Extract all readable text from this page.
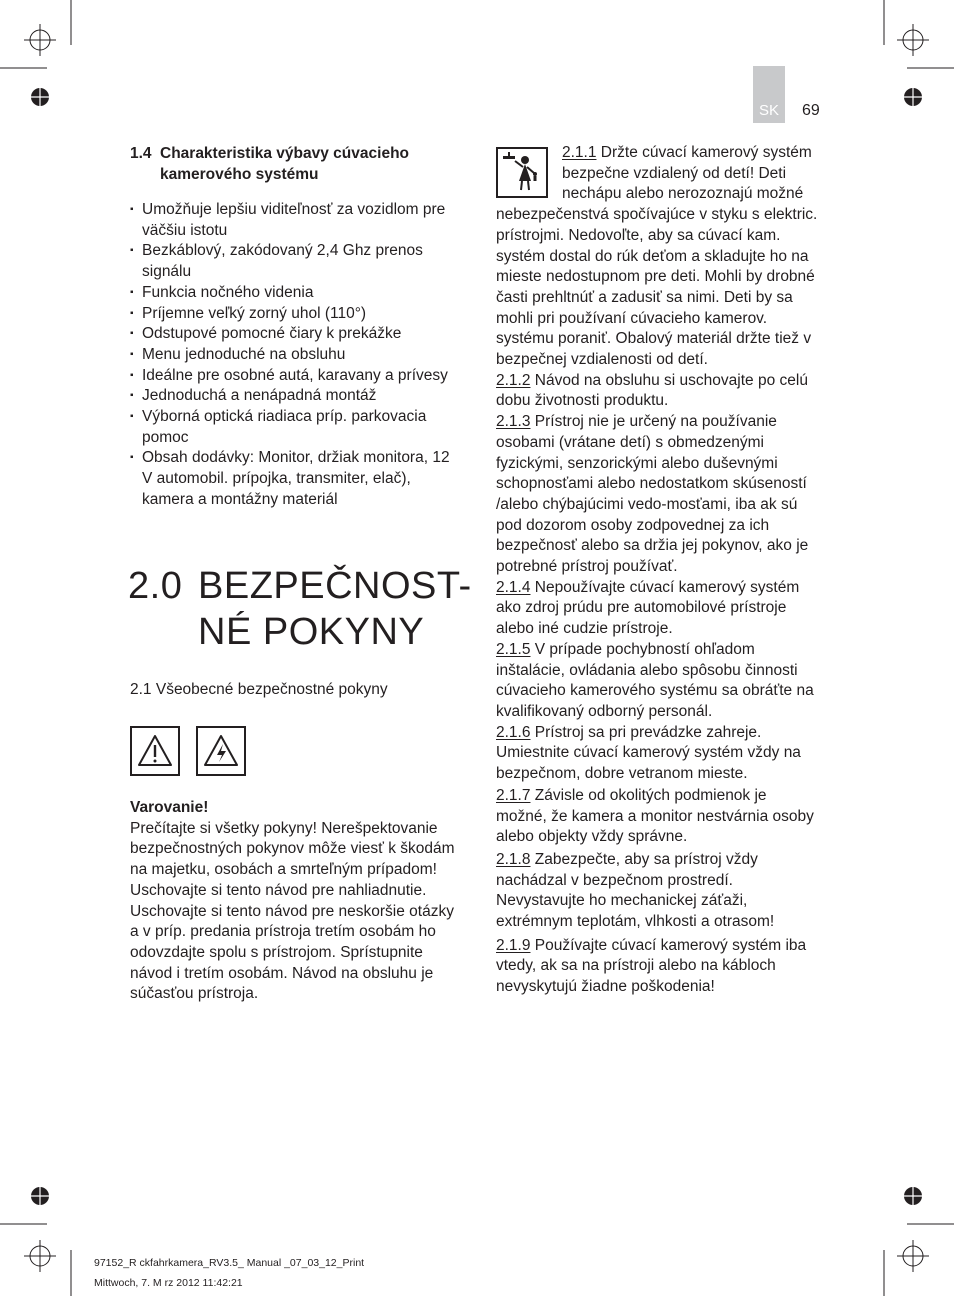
SK	69
1.4 Charakteristika výbavy cúvacieho
kamerového systému
▪ Umožňuje lepšiu viditeľnosť za vozidlom pre väčšiu istotu
▪ Bezkáblový, zakódovaný 2,4 Ghz prenos signálu
▪ Funkcia nočného videnia
▪ Príjemne veľký zorný uhol (110°)
▪ Odstupové pomocné čiary k prekážke
▪ Menu jednoduché na obsluhu
▪ Ideálne pre osobné autá, karavany a prívesy
▪ Jednoduchá a nenápadná montáž
▪ Výborná optická riadiaca príp. parkovacia pomoc
▪ Obsah dodávky: Monitor, držiak monitora, 12 V automobil. prípojka, transmiter, elač), kamera a montážny materiál
2.0 BEZPEČNOST-
NÉ POKYNY
2.1 Všeobecné bezpečnostné pokyny
Varovanie!
Prečítajte si všetky pokyny! Nerešpektovanie bezpečnostných pokynov môže viesť k škodám na majetku, osobách a smrteľným prípadom! Uschovajte si tento návod pre nahliadnutie. Uschovajte si tento návod pre neskoršie otázky a v príp. predania prístroja tretím osobám ho odovzdajte spolu s prístrojom. Sprístupnite návod i tretím osobám. Návod na obsluhu je súčasťou prístroja.

2.1.1 Držte cúvací kamerový systém bezpečne vzdialený od detí! Deti nechápu alebo nerozoznajú možné nebezpečenstvá spočívajúce v styku s elektric. prístrojmi. Nedovoľte, aby sa cúvací kam. systém dostal do rúk deťom a skladujte ho na mieste nedostupnom pre deti. Mohli by drobné časti prehltnúť a zadusiť sa nimi. Deti by sa mohli pri používaní cúvacieho kamerov. systému poraniť. Obalový materiál držte tiež v bezpečnej vzdialenosti od detí.

2.1.2 Návod na obsluhu si uschovajte po celú dobu životnosti produktu.

2.1.3 Prístroj nie je určený na používanie osobami (vrátane detí) s obmedzenými fyzickými, senzorickými alebo duševnými schopnosťami alebo nedostatkom skúseností /alebo chýbajúcimi vedo-mosťami, iba ak sú pod dozorom osoby zodpovednej za ich bezpečnosť alebo sa držia jej pokynov, ako je potrebné prístroj používať.

2.1.4 Nepoužívajte cúvací kamerový systém ako zdroj prúdu pre automobilové prístroje alebo iné cudzie prístroje.

2.1.5 V prípade pochybností ohľadom inštalácie, ovládania alebo spôsobu činnosti cúvacieho kamerového systému sa obráťte na kvalifikovaný odborný personál.

2.1.6 Prístroj sa pri prevádzke zahreje. Umiestnite cúvací kamerový systém vždy na bezpečnom, dobre vetranom mieste.

2.1.7 Závisle od okolitých podmienok je možné, že kamera a monitor nestvárnia osoby alebo objekty vždy správne.

2.1.8 Zabezpečte, aby sa prístroj vždy nachádzal v bezpečnom prostredí. Nevystavujte ho mechanickej záťaži, extrémnym teplotám, vlhkosti a otrasom!

2.1.9 Používajte cúvací kamerový systém iba vtedy, ak sa na prístroji alebo na kábloch nevyskytujú žiadne poškodenia!

97152_R ckfahrkamera_RV3.5_ Manual _07_03_12_Print
Mittwoch, 7. M rz 2012 11:42:21
